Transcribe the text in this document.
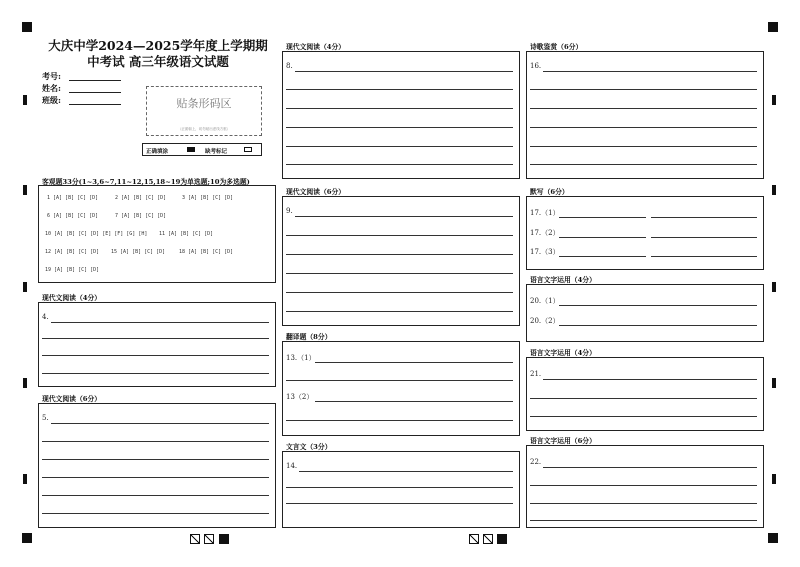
大庆中学2024—2025学年度上学期期中考试 高三年级语文试题
考号:
姓名:
班级:	贴条形码区
（正面朝上，切勿贴出虚线方框）
正确填涂	缺考标记
客观题33分(1~3,6~7,11~12,15,18~19为单选题;10为多选题)
1 [A] [B] [C] [D]	2 [A] [B] [C] [D]	3 [A] [B] [C] [D]
6 [A] [B] [C] [D]	7 [A] [B] [C] [D]
10 [A] [B] [C] [D] [E] [F] [G] [H] 11 [A] [B] [C] [D]
12 [A] [B] [C] [D] 15 [A] [B] [C] [D]	18 [A] [B] [C] [D]
19 [A] [B] [C] [D]
现代文阅读（4分）
4.
现代文阅读（6分）
5.
现代文阅读（4分）
8.
现代文阅读（6分）
9.
翻译题（8分）
13.（1）
13（2）
文言文（3分）
14.
诗歌鉴赏（6分）
16.
默写（6分）
17.（1）
17.（2）
17.（3）
语言文字运用（4分）
20.（1）
20.（2）
语言文字运用（4分）
21.
语言文字运用（6分）
22.
